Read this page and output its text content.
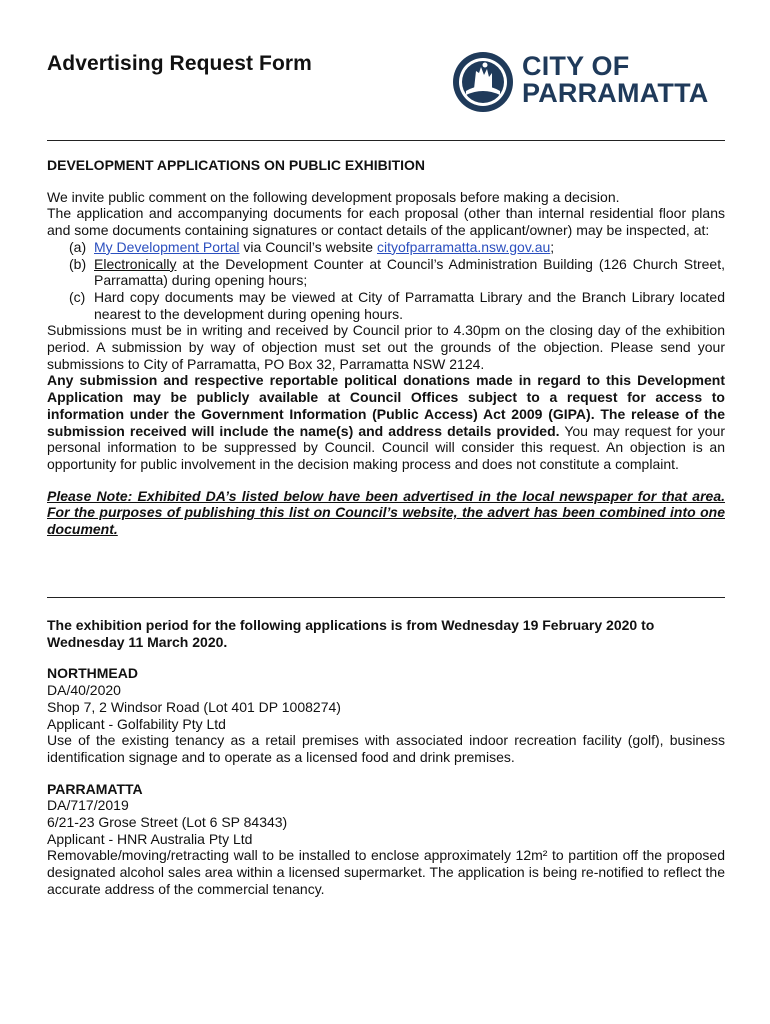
Advertising Request Form	CITY OF
PARRAMATTA
DEVELOPMENT APPLICATIONS ON PUBLIC EXHIBITION

We invite public comment on the following development proposals before making a decision.

The application and accompanying documents for each proposal (other than internal residential floor plans and some documents containing signatures or contact details of the applicant/owner) may be inspected, at:

(a) My Development Portal via Council’s website cityofparramatta.nsw.gov.au;
(b) Electronically at the Development Counter at Council’s Administration Building (126 Church Street, Parramatta) during opening hours;
(c) Hard copy documents may be viewed at City of Parramatta Library and the Branch Library located nearest to the development during opening hours.

Submissions must be in writing and received by Council prior to 4.30pm on the closing day of the exhibition period. A submission by way of objection must set out the grounds of the objection. Please send your submissions to City of Parramatta, PO Box 32, Parramatta NSW 2124.

Any submission and respective reportable political donations made in regard to this Development Application may be publicly available at Council Offices subject to a request for access to information under the Government Information (Public Access) Act 2009 (GIPA). The release of the submission received will include the name(s) and address details provided. You may request for your personal information to be suppressed by Council. Council will consider this request. An objection is an opportunity for public involvement in the decision making process and does not constitute a complaint.

Please Note: Exhibited DA’s listed below have been advertised in the local newspaper for that area. For the purposes of publishing this list on Council’s website, the advert has been combined into one document.

The exhibition period for the following applications is from Wednesday 19 February 2020 to Wednesday 11 March 2020.
NORTHMEAD
DA/40/2020
Shop 7, 2 Windsor Road (Lot 401 DP 1008274)
Applicant - Golfability Pty Ltd

Use of the existing tenancy as a retail premises with associated indoor recreation facility (golf), business identification signage and to operate as a licensed food and drink premises.

PARRAMATTA
DA/717/2019
6/21-23 Grose Street (Lot 6 SP 84343)
Applicant - HNR Australia Pty Ltd

Removable/moving/retracting wall to be installed to enclose approximately 12m² to partition off the proposed designated alcohol sales area within a licensed supermarket. The application is being re-notified to reflect the accurate address of the commercial tenancy.
